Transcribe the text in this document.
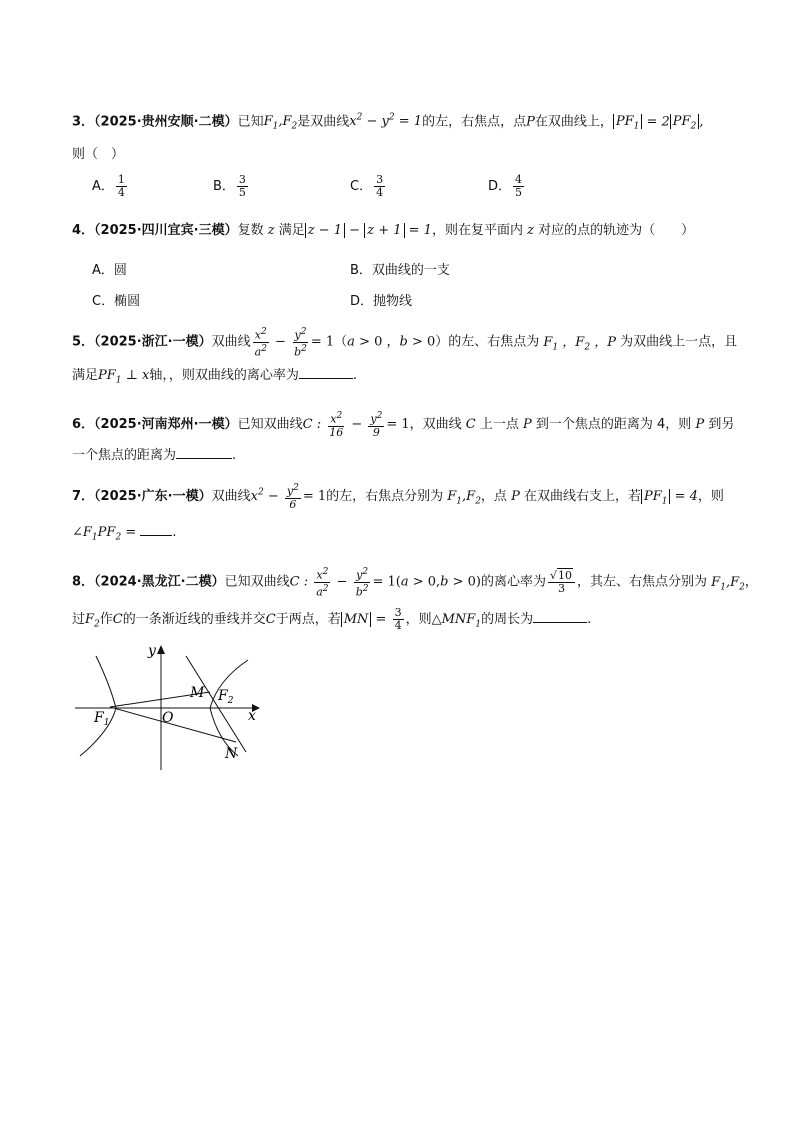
3．（2025·贵州安顺·二模）已知$F_1,F_2$是双曲线$x^2 - y^2 = 1$的左，右焦点，点P在双曲线上， $PF_1 = 2$ $PF_2$ ,
则（　）
A． $\frac{1}{4}$	B． $\frac{3}{5}$	C． $\frac{3}{4}$	D． $\frac{4}{5}$
4．（2025·四川宜宾·三模）复数 z 满足 z − 1 − z + 1 = 1，则在复平面内 z 对应的点的轨迹为（　　）
A．圆	B．双曲线的一支
C．椭圆	D．抛物线
5．（2025·浙江·一模）双曲线 $\frac{x^2}{a^2} - \frac{y^2}{b^2} = 1(a > 0$ ，b > 0）的左、右焦点为 $F_1$ ，$F_2$ ，P 为双曲线上一点，且
满足$PF_1$ ⊥ x轴，，则双曲线的离心率为	.
6．（2025·河南郑州·一模）已知双曲线C : $\frac{x^2}{16} - \frac{y^2}{9} = 1$，双曲线 C 上一点 P 到一个焦点的距离为 4，则 P 到另
一个焦点的距离为	.
7．（2025·广东·一模）双曲线$x^2 - \frac{y^2}{6} = 1$的左，右焦点分别为 $F_1,F_2$，点 P 在双曲线右支上，若 $PF_1 = 4$，则
$\angle F_1PF_2$ =	.
8．（2024·黑龙江·二模）已知双曲线C : $\frac{x^2}{a^2} - \frac{y^2}{b^2} = 1(a > 0,b > 0)$的离心率为 $\frac{√10}{3}$ ，其左、右焦点分别为 $F_1,F_2$，
过$F_2$作C的一条渐近线的垂线并交C于两点，若 MN = $\frac{3}{4}$ ，则$\triangle MNF_1$的周长为	.
y
x
O
M
N
$F_1$
$F_2$
